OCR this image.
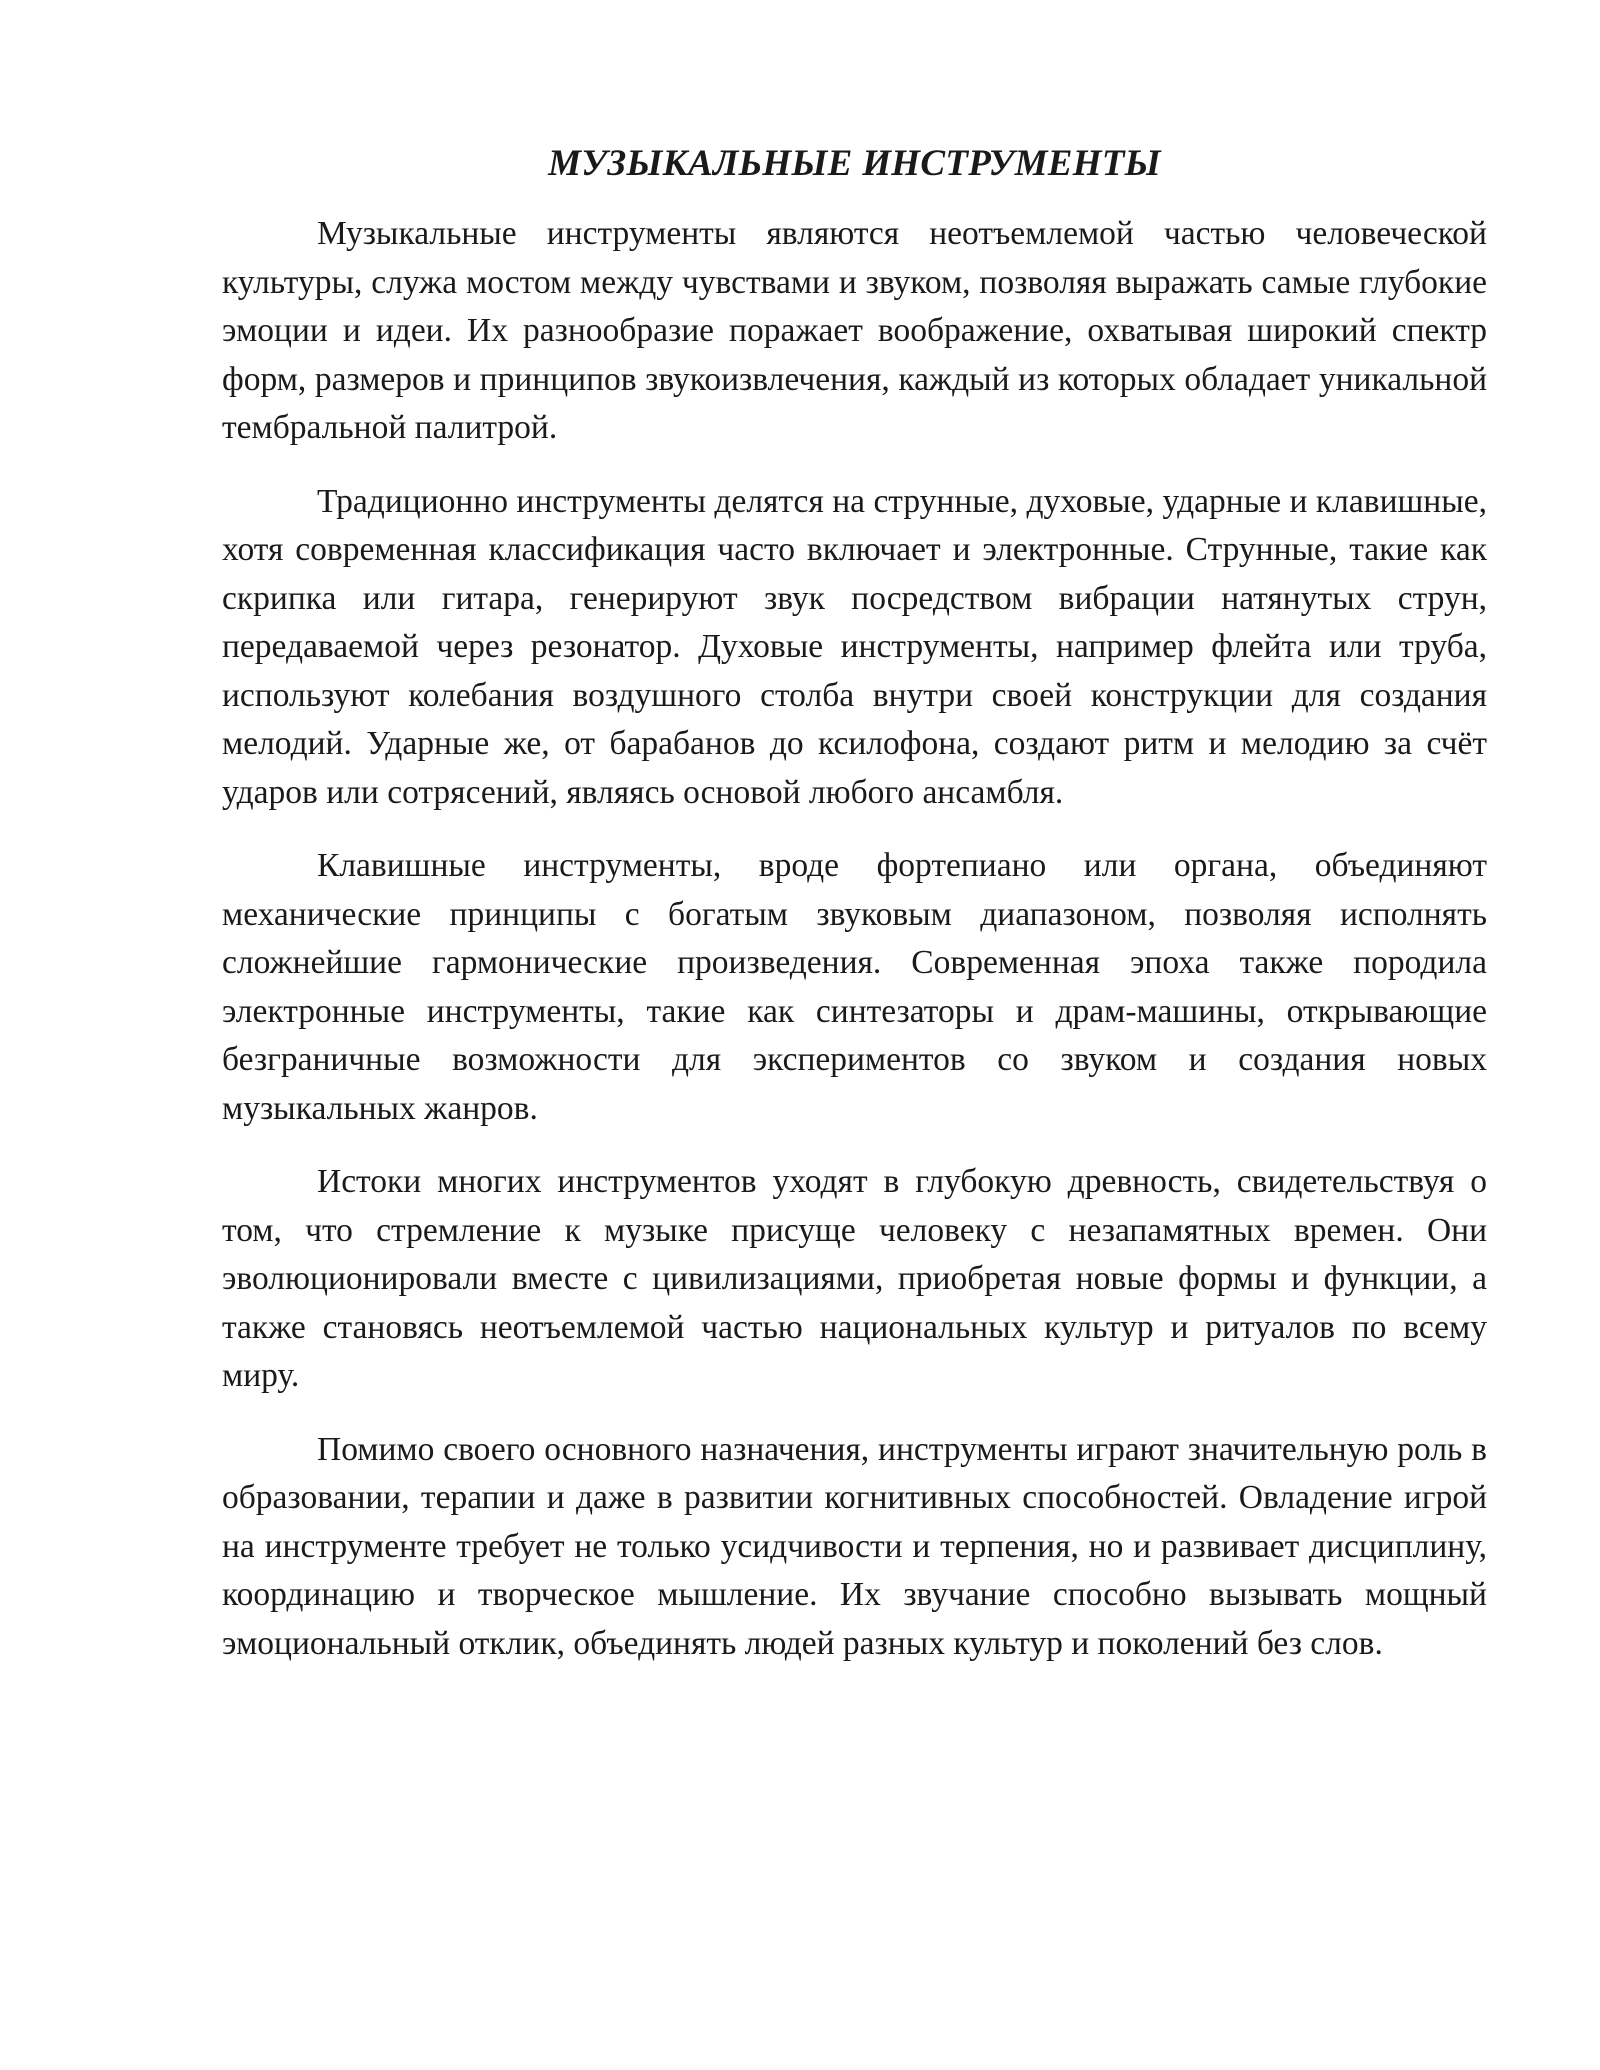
МУЗЫКАЛЬНЫЕ ИНСТРУМЕНТЫ

Музыкальные инструменты являются неотъемлемой частью человеческой культуры, служа мостом между чувствами и звуком, позволяя выражать самые глубокие эмоции и идеи. Их разнообразие поражает воображение, охватывая широкий спектр форм, размеров и принципов звукоизвлечения, каждый из которых обладает уникальной тембральной палитрой.

Традиционно инструменты делятся на струнные, духовые, ударные и клавишные, хотя современная классификация часто включает и электронные. Струнные, такие как скрипка или гитара, генерируют звук посредством вибрации натянутых струн, передаваемой через резонатор. Духовые инструменты, например флейта или труба, используют колебания воздушного столба внутри своей конструкции для создания мелодий. Ударные же, от барабанов до ксилофона, создают ритм и мелодию за счёт ударов или сотрясений, являясь основой любого ансамбля.

Клавишные инструменты, вроде фортепиано или органа, объединяют механические принципы с богатым звуковым диапазоном, позволяя исполнять сложнейшие гармонические произведения. Современная эпоха также породила электронные инструменты, такие как синтезаторы и драм-машины, открывающие безграничные возможности для экспериментов со звуком и создания новых музыкальных жанров.

Истоки многих инструментов уходят в глубокую древность, свидетельствуя о том, что стремление к музыке присуще человеку с незапамятных времен. Они эволюционировали вместе с цивилизациями, приобретая новые формы и функции, а также становясь неотъемлемой частью национальных культур и ритуалов по всему миру.

Помимо своего основного назначения, инструменты играют значительную роль в образовании, терапии и даже в развитии когнитивных способностей. Овладение игрой на инструменте требует не только усидчивости и терпения, но и развивает дисциплину, координацию и творческое мышление. Их звучание способно вызывать мощный эмоциональный отклик, объединять людей разных культур и поколений без слов.
